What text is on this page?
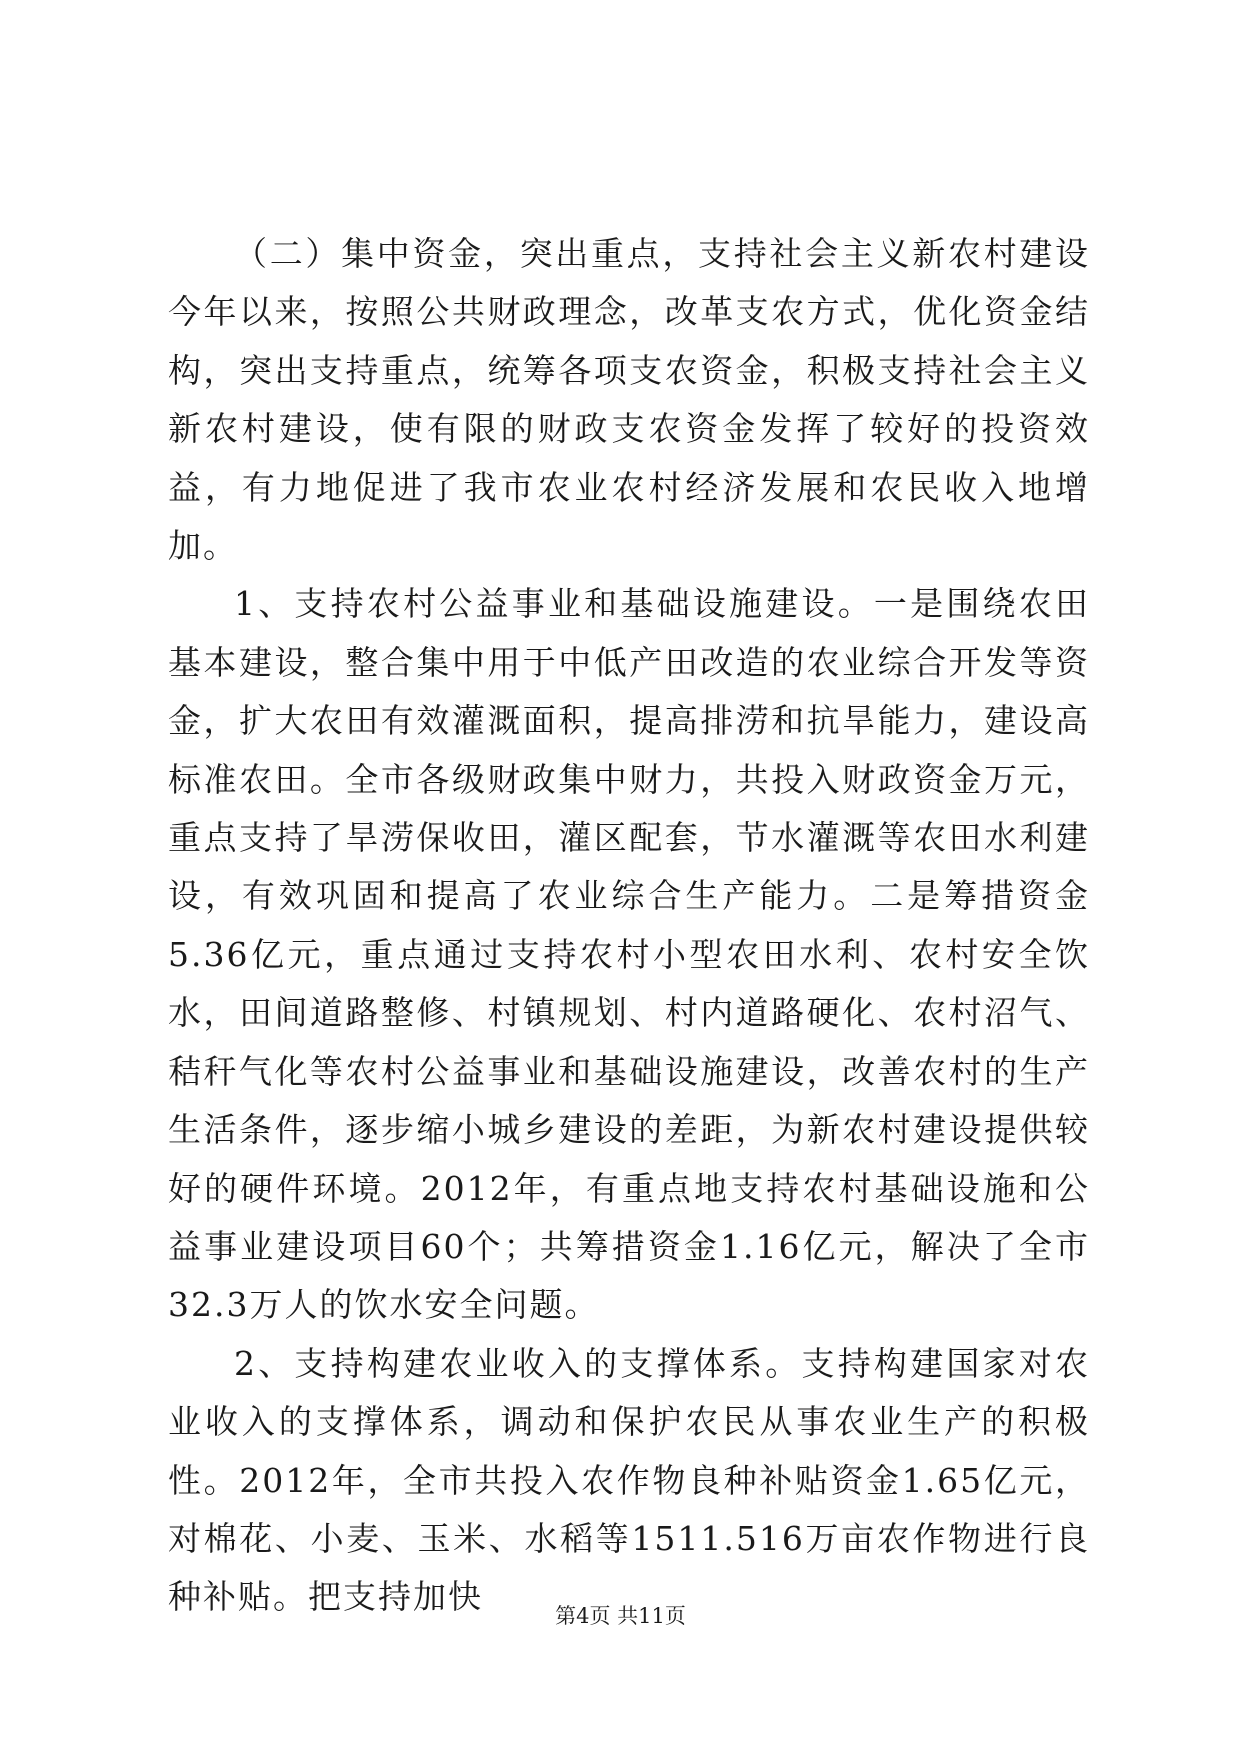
（二）集中资金，突出重点，支持社会主义新农村建设今年以来，按照公共财政理念，改革支农方式，优化资金结构，突出支持重点，统筹各项支农资金，积极支持社会主义新农村建设，使有限的财政支农资金发挥了较好的投资效益，有力地促进了我市农业农村经济发展和农民收入地增加。

1、支持农村公益事业和基础设施建设。一是围绕农田基本建设，整合集中用于中低产田改造的农业综合开发等资金，扩大农田有效灌溉面积，提高排涝和抗旱能力，建设高标准农田。全市各级财政集中财力，共投入财政资金万元，重点支持了旱涝保收田，灌区配套，节水灌溉等农田水利建设，有效巩固和提高了农业综合生产能力。二是筹措资金5.36亿元，重点通过支持农村小型农田水利、农村安全饮水，田间道路整修、村镇规划、村内道路硬化、农村沼气、秸秆气化等农村公益事业和基础设施建设，改善农村的生产生活条件，逐步缩小城乡建设的差距，为新农村建设提供较好的硬件环境。2012年，有重点地支持农村基础设施和公益事业建设项目60个；共筹措资金1.16亿元，解决了全市32.3万人的饮水安全问题。

2、支持构建农业收入的支撑体系。支持构建国家对农业收入的支撑体系，调动和保护农民从事农业生产的积极性。2012年，全市共投入农作物良种补贴资金1.65亿元，对棉花、小麦、玉米、水稻等1511.516万亩农作物进行良种补贴。把支持加快	第4页 共11页
